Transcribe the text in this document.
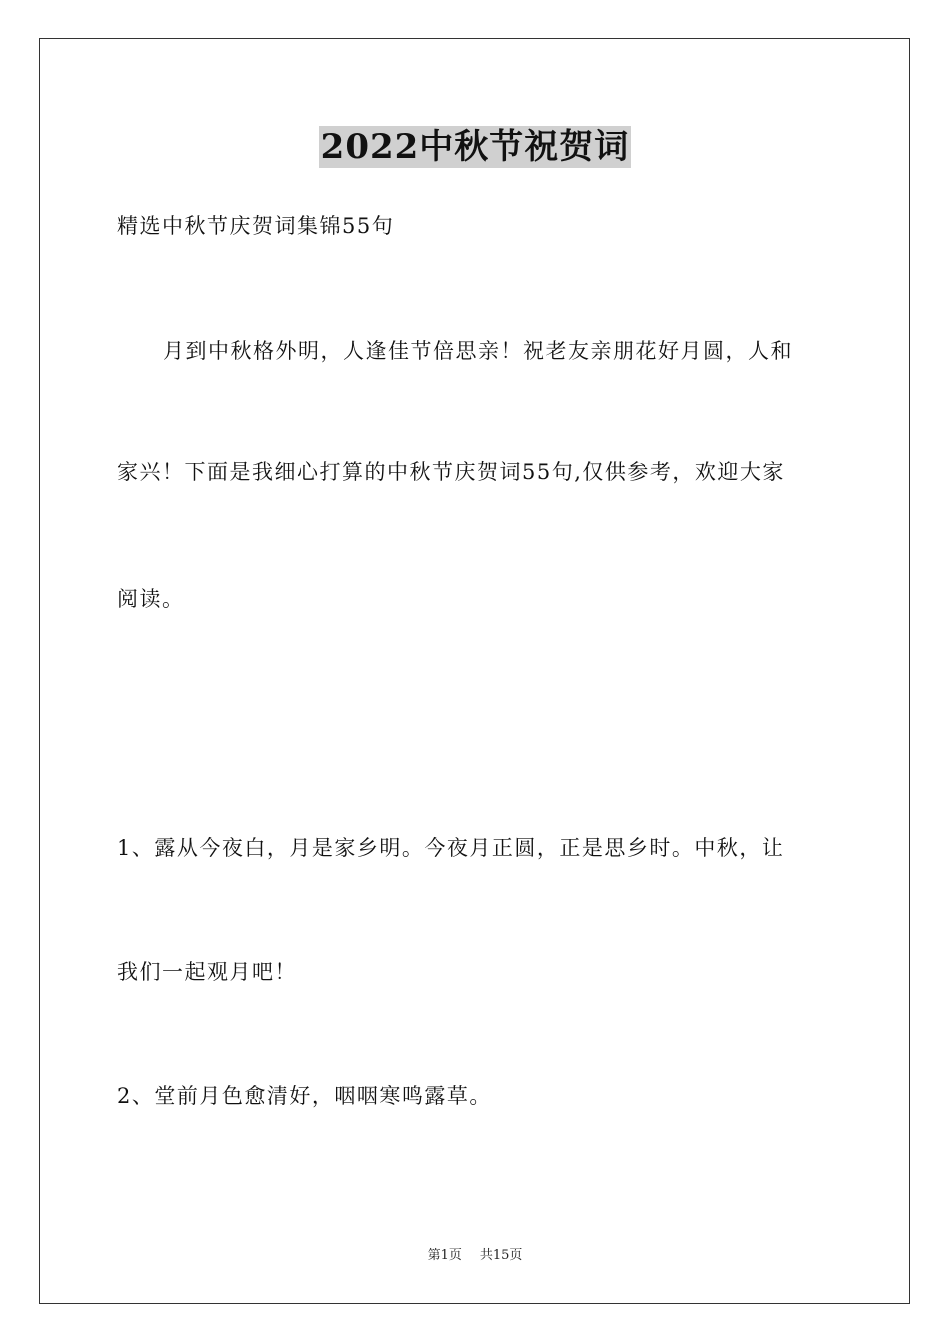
2022中秋节祝贺词
精选中秋节庆贺词集锦55句
月到中秋格外明，人逢佳节倍思亲！祝老友亲朋花好月圆，人和
家兴！下面是我细心打算的中秋节庆贺词55句,仅供参考，欢迎大家
阅读。
1、露从今夜白，月是家乡明。今夜月正圆，正是思乡时。中秋，让
我们一起观月吧！
2、堂前月色愈清好，咽咽寒鸣露草。
第1页 共15页
